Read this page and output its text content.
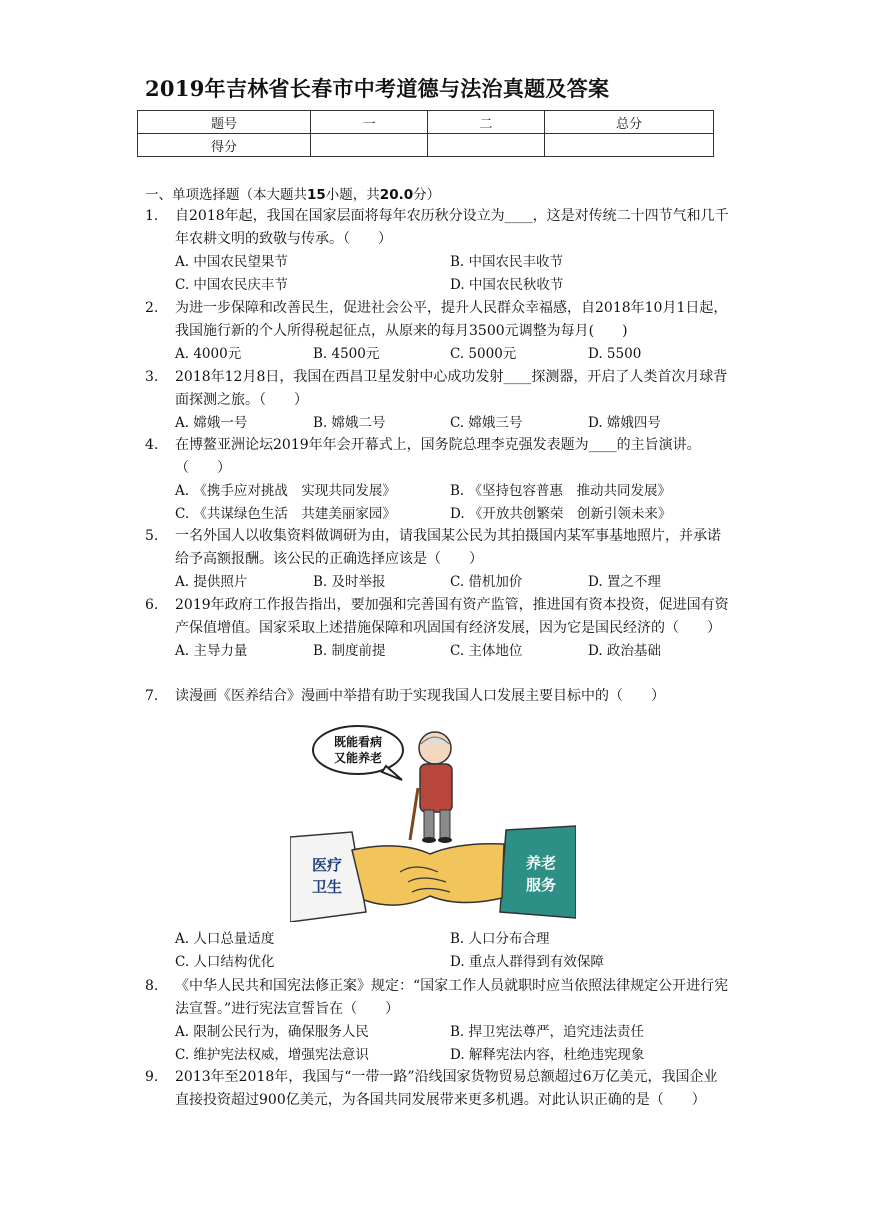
2019年吉林省长春市中考道德与法治真题及答案
题号	一	二	总分
得分			
一、单项选择题（本大题共15小题，共20.0分）
1. 自2018年起，我国在国家层面将每年农历秋分设立为____，这是对传统二十四节气和几千年农耕文明的致敬与传承。（　　）
A. 中国农民望果节	B. 中国农民丰收节
C. 中国农民庆丰节	D. 中国农民秋收节
2. 为进一步保障和改善民生，促进社会公平，提升人民群众幸福感，自2018年10月1日起，我国施行新的个人所得税起征点，从原来的每月3500元调整为每月(　　)
A. 4000元	B. 4500元	C. 5000元	D. 5500
3. 2018年12月8日，我国在西昌卫星发射中心成功发射____探测器，开启了人类首次月球背面探测之旅。（　　）
A. 嫦娥一号	B. 嫦娥二号	C. 嫦娥三号	D. 嫦娥四号
4. 在博鳌亚洲论坛2019年年会开幕式上，国务院总理李克强发表题为____的主旨演讲。（　　）
A. 《携手应对挑战　实现共同发展》	B. 《坚持包容普惠　推动共同发展》
C. 《共谋绿色生活　共建美丽家园》	D. 《开放共创繁荣　创新引领未来》
5. 一名外国人以收集资料做调研为由，请我国某公民为其拍摄国内某军事基地照片，并承诺给予高额报酬。该公民的正确选择应该是（　　）
A. 提供照片	B. 及时举报	C. 借机加价	D. 置之不理
6. 2019年政府工作报告指出，要加强和完善国有资产监管，推进国有资本投资，促进国有资产保值增值。国家采取上述措施保障和巩固国有经济发展，因为它是国民经济的（　　）
A. 主导力量	B. 制度前提	C. 主体地位	D. 政治基础
7. 读漫画《医养结合》漫画中举措有助于实现我国人口发展主要目标中的（　　）
既能看病
又能养老
医疗
卫生
养老
服务
A. 人口总量适度	B. 人口分布合理
C. 人口结构优化	D. 重点人群得到有效保障
8. 《中华人民共和国宪法修正案》规定：“国家工作人员就职时应当依照法律规定公开进行宪法宣誓。”进行宪法宣誓旨在（　　）
A. 限制公民行为，确保服务人民	B. 捍卫宪法尊严，追究违法责任
C. 维护宪法权威，增强宪法意识	D. 解释宪法内容，杜绝违宪现象
9. 2013年至2018年，我国与“一带一路”沿线国家货物贸易总额超过6万亿美元，我国企业直接投资超过900亿美元，为各国共同发展带来更多机遇。对此认识正确的是（　　）
